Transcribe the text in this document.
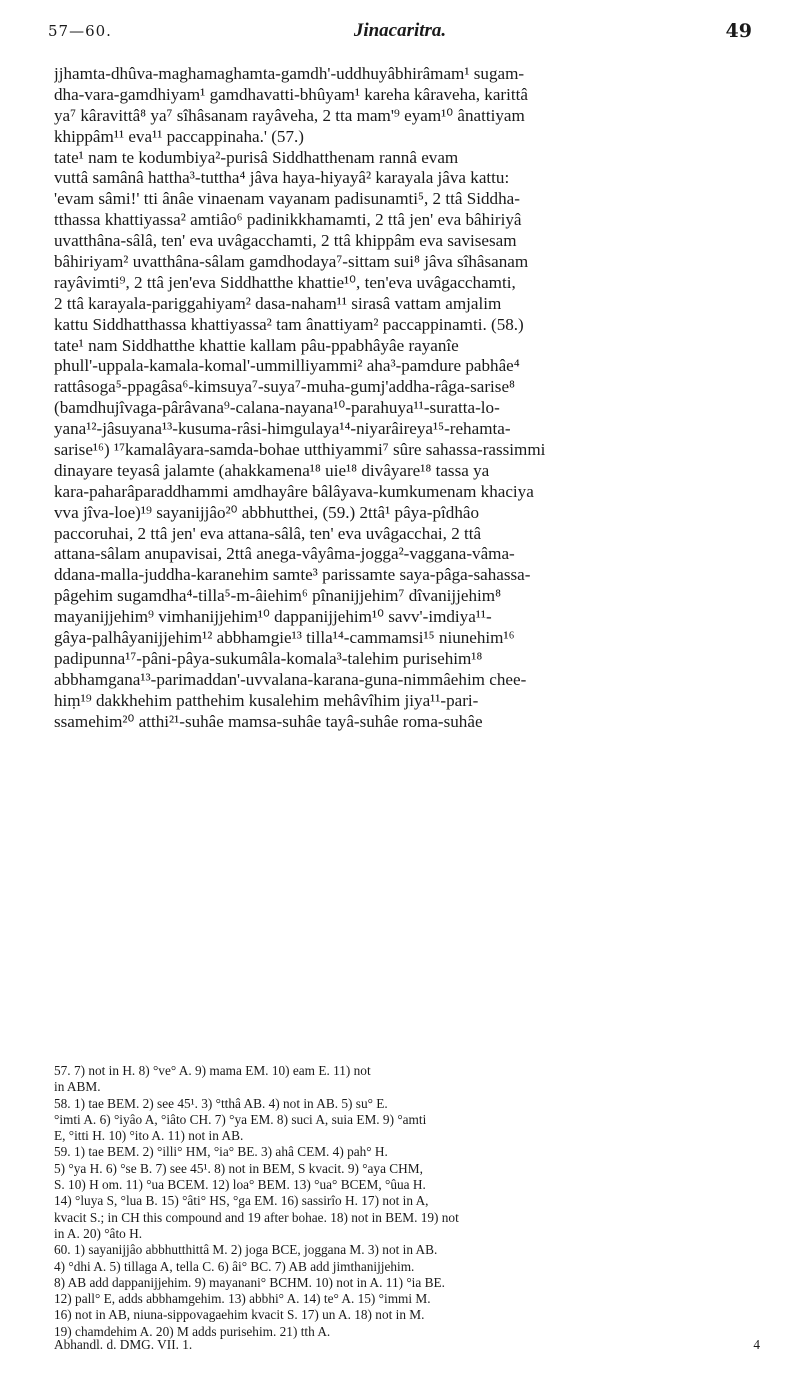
57—60.	Jinacaritra.	49
jjhamta-dhûva-maghamaghamta-gamdh'-uddhuyâbhirâmam¹ sugam-
dha-vara-gamdhiyam¹ gamdhavatti-bhûyam¹ kareha kâraveha, karittâ
ya⁷ kâravittâ⁸ ya⁷ sîhâsanam rayâveha, 2 tta mam'⁹ eyam¹⁰ ânattiyam
khippâm¹¹ eva¹¹ paccappinaha.' (57.)
tate¹ nam te kodumbiya²-purisâ Siddhatthenam rannâ evam
vuttâ samânâ hattha³-tuttha⁴ jâva haya-hiyayâ² karayala jâva kattu:
'evam sâmi!' tti ânâe vinaenam vayanam padisunamti⁵, 2 ttâ Siddha-
tthassa khattiyassa² amtiâo⁶ padinikkhamamti, 2 ttâ jen' eva bâhiriyâ
uvatthâna-sâlâ, ten' eva uvâgacchamti, 2 ttâ khippâm eva savisesam
bâhiriyam² uvatthâna-sâlam gamdhodaya⁷-sittam sui⁸ jâva sîhâsanam
rayâvimti⁹, 2 ttâ jen'eva Siddhatthe khattie¹⁰, ten'eva uvâgacchamti,
2 ttâ karayala-pariggahiyam² dasa-naham¹¹ sirasâ vattam amjalim
kattu Siddhatthassa khattiyassa² tam ânattiyam² paccappinamti. (58.)
tate¹ nam Siddhatthe khattie kallam pâu-ppabhâyâe rayanîe
phull'-uppala-kamala-komal'-ummilliyammi² aha³-pamdure pabhâe⁴
rattâsoga⁵-ppagâsa⁶-kimsuya⁷-suya⁷-muha-gumj'addha-râga-sarise⁸
(bamdhujîvaga-pârâvana⁹-calana-nayana¹⁰-parahuya¹¹-suratta-lo-
yana¹²-jâsuyana¹³-kusuma-râsi-himgulaya¹⁴-niyarâireya¹⁵-rehamta-
sarise¹⁶) ¹⁷kamalâyara-samda-bohae utthiyammi⁷ sûre sahassa-rassimmi
dinayare teyasâ jalamte (ahakkamena¹⁸ uie¹⁸ divâyare¹⁸ tassa ya
kara-paharâparaddhammi amdhayâre bâlâyava-kumkumenam khaciya
vva jîva-loe)¹⁹ sayanijjâo²⁰ abbhutthei, (59.) 2ttâ¹ pâya-pîdhâo
paccoruhai, 2 ttâ jen' eva attana-sâlâ, ten' eva uvâgacchai, 2 ttâ
attana-sâlam anupavisai, 2ttâ anega-vâyâma-jogga²-vaggana-vâma-
ddana-malla-juddha-karanehim samte³ parissamte saya-pâga-sahassa-
pâgehim sugamdha⁴-tilla⁵-m-âiehim⁶ pînanijjehim⁷ dîvanijjehim⁸
mayanijjehim⁹ vimhanijjehim¹⁰ dappanijjehim¹⁰ savv'-imdiya¹¹-
gâya-palhâyanijjehim¹² abbhamgie¹³ tilla¹⁴-cammamsi¹⁵ niunehim¹⁶
padipunna¹⁷-pâni-pâya-sukumâla-komala³-talehim purisehim¹⁸
abbhamgana¹³-parimaddan'-uvvalana-karana-guna-nimmâehim chee-
hiṃ¹⁹ dakkhehim patthehim kusalehim mehâvîhim jiya¹¹-pari-
ssamehim²⁰ atthi²¹-suhâe mamsa-suhâe tayâ-suhâe roma-suhâe
57. 7) not in H. 8) °ve° A. 9) mama EM. 10) eam E. 11) not
in ABM.
58. 1) tae BEM. 2) see 45¹. 3) °tthâ AB. 4) not in AB. 5) su° E.
°imti A. 6) °iyâo A, °iâto CH. 7) °ya EM. 8) suci A, suia EM. 9) °amti
E, °itti H. 10) °ito A. 11) not in AB.
59. 1) tae BEM. 2) °illi° HM, °ia° BE. 3) ahâ CEM. 4) pah° H.
5) °ya H. 6) °se B. 7) see 45¹. 8) not in BEM, S kvacit. 9) °aya CHM,
S. 10) H om. 11) °ua BCEM. 12) loa° BEM. 13) °ua° BCEM, °ûua H.
14) °luya S, °lua B. 15) °âti° HS, °ga EM. 16) sassirîo H. 17) not in A,
kvacit S.; in CH this compound and 19 after bohae. 18) not in BEM. 19) not
in A. 20) °âto H.
60. 1) sayanijjâo abbhutthittâ M. 2) joga BCE, joggana M. 3) not in AB.
4) °dhi A. 5) tillaga A, tella C. 6) âi° BC. 7) AB add jimthanijjehim.
8) AB add dappanijjehim. 9) mayanani° BCHM. 10) not in A. 11) °ia BE.
12) pall° E, adds abbhamgehim. 13) abbhi° A. 14) te° A. 15) °immi M.
16) not in AB, niuna-sippovagaehim kvacit S. 17) un A. 18) not in M.
19) chamdehim A. 20) M adds purisehim. 21) tth A.
Abhandl. d. DMG. VII. 1.	4
